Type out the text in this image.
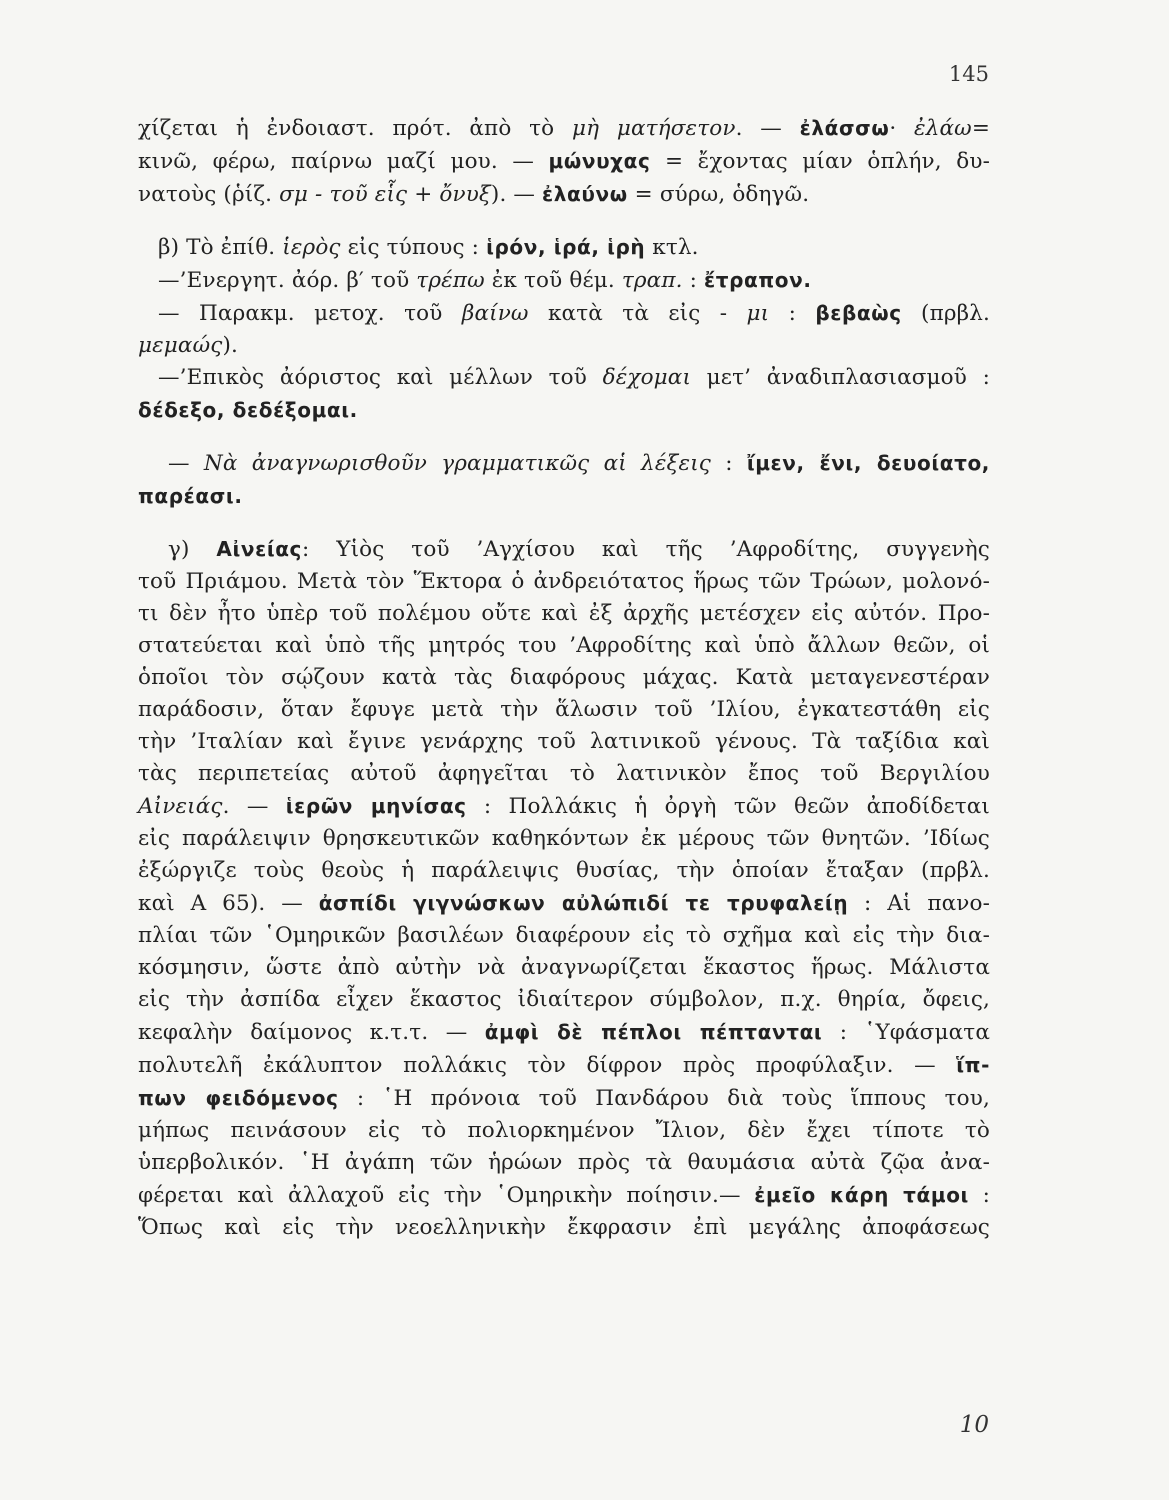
145
χίζεται ἡ ἐνδοιαστ. πρότ. ἀπὸ τὸ μὴ ματήσετον. — ἐλάσσω· ἐλάω=
κινῶ, φέρω, παίρνω μαζί μου. — μώνυχας = ἔχοντας μίαν ὁπλήν, δυ-
νατοὺς (ῥίζ. σμ - τοῦ εἷς + ὄνυξ). — ἐλαύνω = σύρω, ὁδηγῶ.
β) Τὸ ἐπίθ. ἱερὸς εἰς τύπους : ἱρόν, ἱρά, ἱρὴ κτλ.
—’Ενεργητ. ἀόρ. β′ τοῦ τρέπω ἐκ τοῦ θέμ. τραπ. : ἔτραπον.
— Παρακμ. μετοχ. τοῦ βαίνω κατὰ τὰ εἰς - μι : βεβαὼς (πρβλ.
μεμαώς).
—’Επικὸς ἀόριστος καὶ μέλλων τοῦ δέχομαι μετ’ ἀναδιπλασιασμοῦ :
δέδεξο, δεδέξομαι.
— Νὰ ἀναγνωρισθοῦν γραμματικῶς αἱ λέξεις : ἴμεν, ἔνι, δευοίατο,
παρέασι.
γ) Αἰνείας: Υἱὸς τοῦ ’Αγχίσου καὶ τῆς ’Αφροδίτης, συγγενὴς
τοῦ Πριάμου. Μετὰ τὸν Ἕκτορα ὁ ἀνδρειότατος ἥρως τῶν Τρώων, μολονό-
τι δὲν ἦτο ὑπὲρ τοῦ πολέμου οὔτε καὶ ἐξ ἀρχῆς μετέσχεν εἰς αὐτόν. Προ-
στατεύεται καὶ ὑπὸ τῆς μητρός του ’Αφροδίτης καὶ ὑπὸ ἄλλων θεῶν, οἱ
ὁποῖοι τὸν σῴζουν κατὰ τὰς διαφόρους μάχας. Κατὰ μεταγενεστέραν
παράδοσιν, ὅταν ἔφυγε μετὰ τὴν ἅλωσιν τοῦ ’Ιλίου, ἐγκατεστάθη εἰς
τὴν ’Ιταλίαν καὶ ἔγινε γενάρχης τοῦ λατινικοῦ γένους. Τὰ ταξίδια καὶ
τὰς περιπετείας αὐτοῦ ἀφηγεῖται τὸ λατινικὸν ἔπος τοῦ Βεργιλίου
Αἰνειάς. — ἱερῶν μηνίσας : Πολλάκις ἡ ὀργὴ τῶν θεῶν ἀποδίδεται
εἰς παράλειψιν θρησκευτικῶν καθηκόντων ἐκ μέρους τῶν θνητῶν. ’Ιδίως
ἐξώργιζε τοὺς θεοὺς ἡ παράλειψις θυσίας, τὴν ὁποίαν ἔταξαν (πρβλ.
καὶ Α 65). — ἀσπίδι γιγνώσκων αὐλώπιδί τε τρυφαλείῃ : Αἱ πανο-
πλίαι τῶν ῾Ομηρικῶν βασιλέων διαφέρουν εἰς τὸ σχῆμα καὶ εἰς τὴν δια-
κόσμησιν, ὥστε ἀπὸ αὐτὴν νὰ ἀναγνωρίζεται ἕκαστος ἥρως. Μάλιστα
εἰς τὴν ἀσπίδα εἶχεν ἕκαστος ἰδιαίτερον σύμβολον, π.χ. θηρία, ὄφεις,
κεφαλὴν δαίμονος κ.τ.τ. — ἀμφὶ δὲ πέπλοι πέπτανται : ῾Υφάσματα
πολυτελῆ ἐκάλυπτον πολλάκις τὸν δίφρον πρὸς προφύλαξιν. — ἵπ-
πων φειδόμενος : ῾Η πρόνοια τοῦ Πανδάρου διὰ τοὺς ἵππους του,
μήπως πεινάσουν εἰς τὸ πολιορκημένον Ἴλιον, δὲν ἔχει τίποτε τὸ
ὑπερβολικόν. ῾Η ἀγάπη τῶν ἡρώων πρὸς τὰ θαυμάσια αὐτὰ ζῷα ἀνα-
φέρεται καὶ ἀλλαχοῦ εἰς τὴν ῾Ομηρικὴν ποίησιν.— ἐμεῖο κάρη τάμοι :
Ὅπως καὶ εἰς τὴν νεοελληνικὴν ἔκφρασιν ἐπὶ μεγάλης ἀποφάσεως
10
